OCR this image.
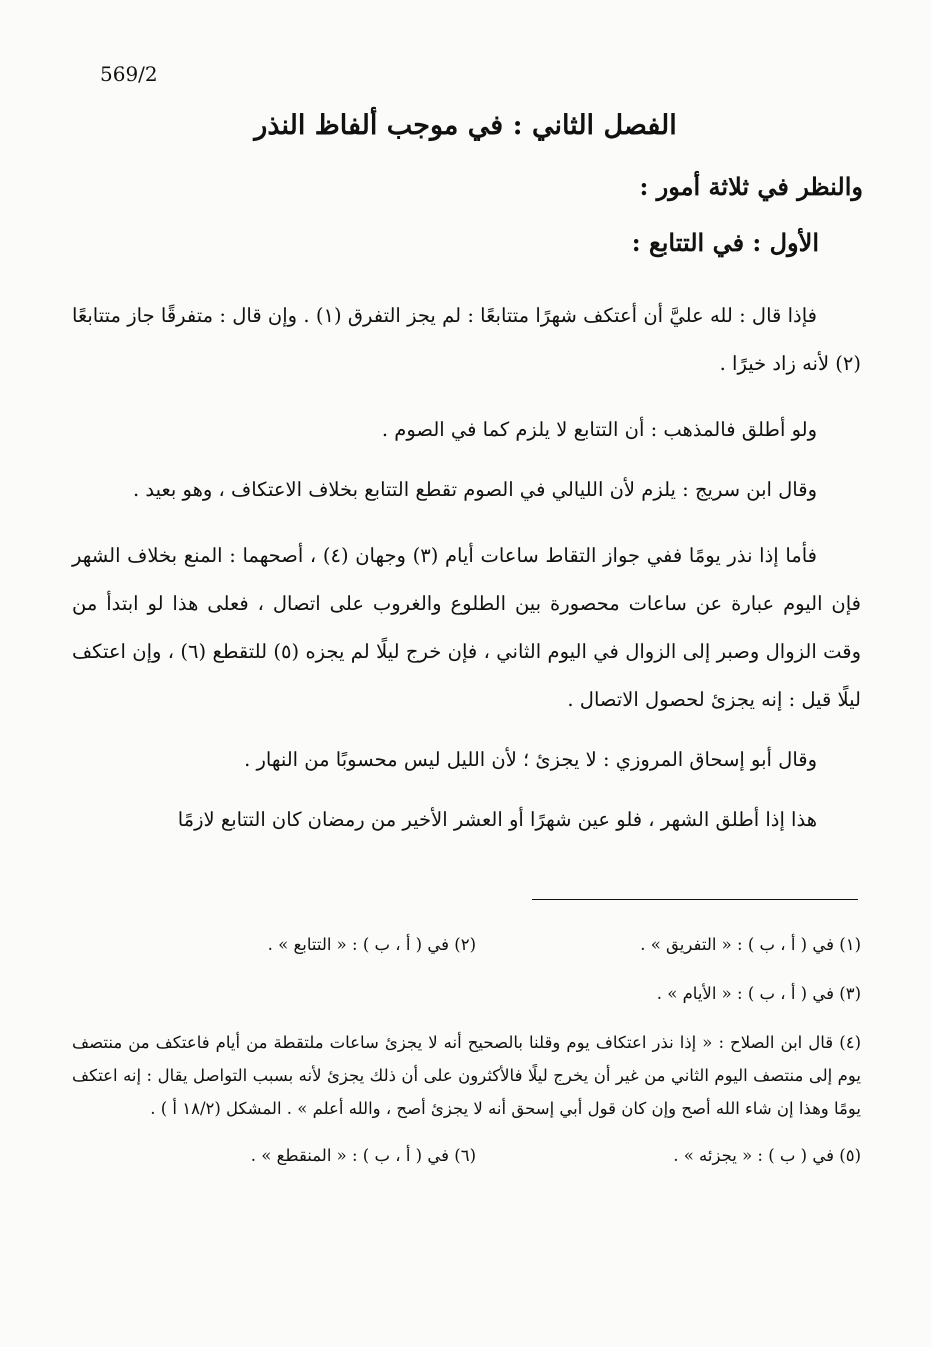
569/2
الفصل الثاني : في موجب ألفاظ النذر
والنظر في ثلاثة أمور :
الأول : في التتابع :

فإذا قال : لله عليَّ أن أعتكف شهرًا متتابعًا : لم يجز التفرق (١) . وإن قال : متفرقًا جاز متتابعًا (٢) لأنه زاد خيرًا .

ولو أطلق فالمذهب : أن التتابع لا يلزم كما في الصوم .

وقال ابن سريج : يلزم لأن الليالي في الصوم تقطع التتابع بخلاف الاعتكاف ، وهو بعيد .

فأما إذا نذر يومًا ففي جواز التقاط ساعات أيام (٣) وجهان (٤) ، أصحهما : المنع بخلاف الشهر فإن اليوم عبارة عن ساعات محصورة بين الطلوع والغروب على اتصال ، فعلى هذا لو ابتدأ من وقت الزوال وصبر إلى الزوال في اليوم الثاني ، فإن خرج ليلًا لم يجزه (٥) للتقطع (٦) ، وإن اعتكف ليلًا قيل : إنه يجزئ لحصول الاتصال .

وقال أبو إسحاق المروزي : لا يجزئ ؛ لأن الليل ليس محسوبًا من النهار .

هذا إذا أطلق الشهر ، فلو عين شهرًا أو العشر الأخير من رمضان كان التتابع لازمًا

(١) في ( أ ، ب ) : « التفريق » .
(٢) في ( أ ، ب ) : « التتابع » .
(٣) في ( أ ، ب ) : « الأيام » .
(٤) قال ابن الصلاح : « إذا نذر اعتكاف يوم وقلنا بالصحيح أنه لا يجزئ ساعات ملتقطة من أيام فاعتكف من منتصف يوم إلى منتصف اليوم الثاني من غير أن يخرج ليلًا فالأكثرون على أن ذلك يجزئ لأنه بسبب التواصل يقال : إنه اعتكف يومًا وهذا إن شاء الله أصح وإن كان قول أبي إسحق أنه لا يجزئ أصح ، والله أعلم » . المشكل (١٨/٢ أ ) .
(٥) في ( ب ) : « يجزئه » .
(٦) في ( أ ، ب ) : « المنقطع » .
